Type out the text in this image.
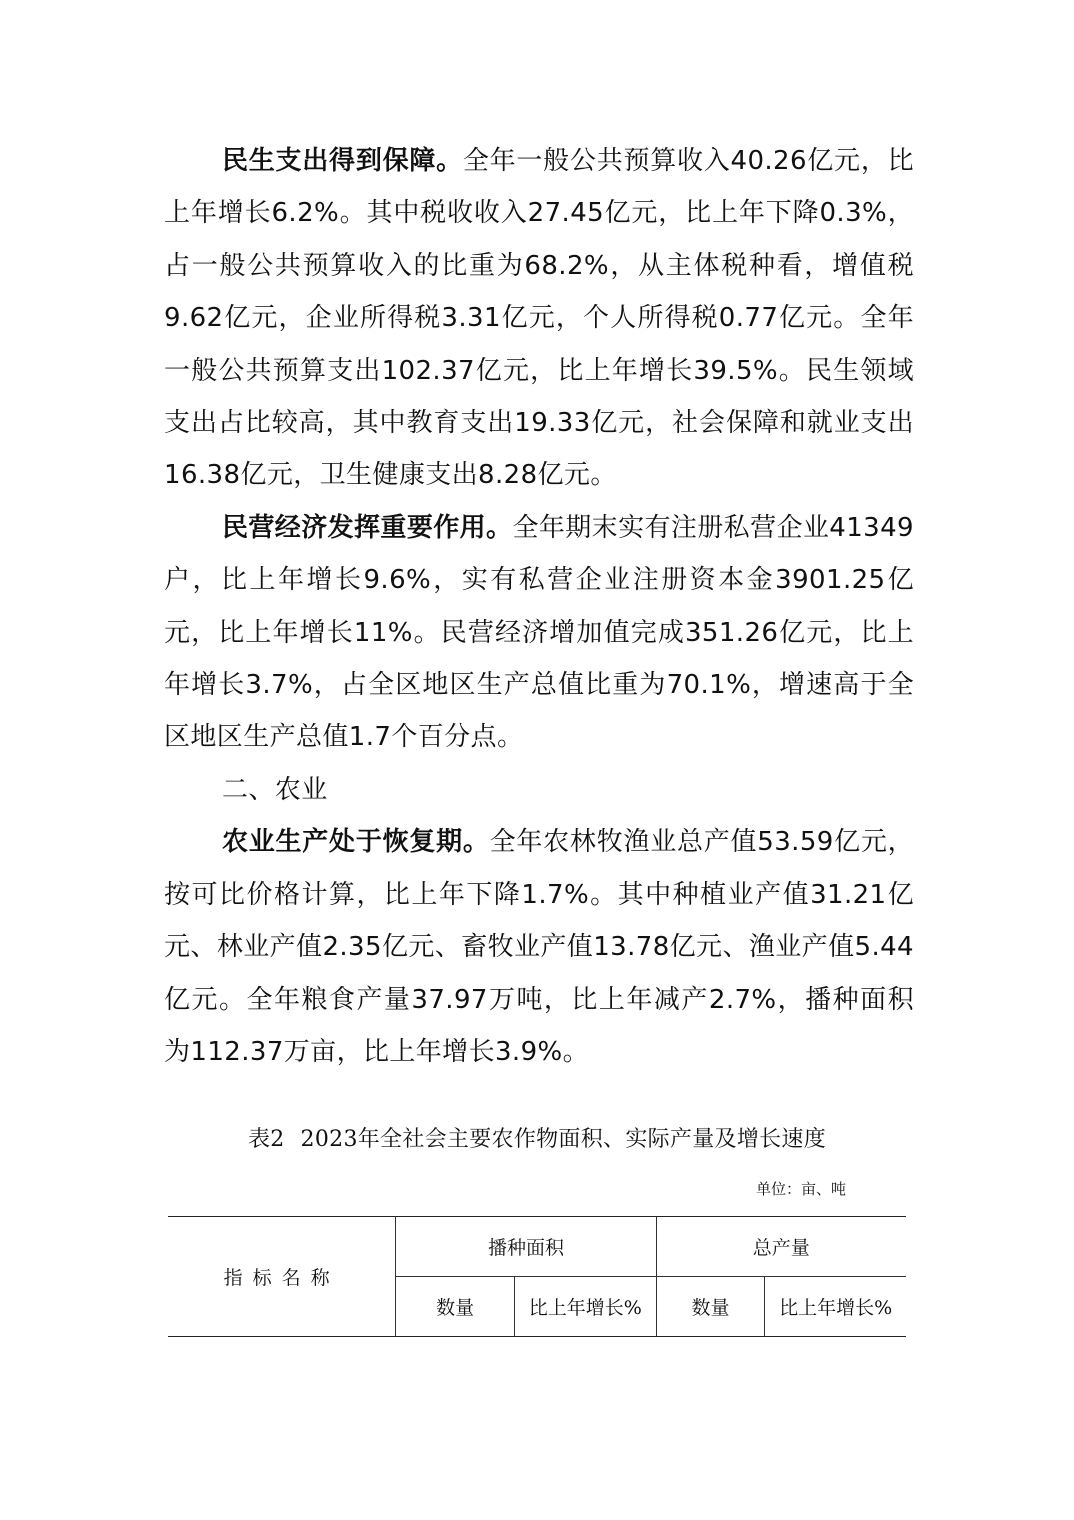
民生支出得到保障。全年一般公共预算收入40.26亿元，比上年增长6.2%。其中税收收入27.45亿元，比上年下降0.3%，占一般公共预算收入的比重为68.2%，从主体税种看，增值税9.62亿元，企业所得税3.31亿元，个人所得税0.77亿元。全年一般公共预算支出102.37亿元，比上年增长39.5%。民生领域支出占比较高，其中教育支出19.33亿元，社会保障和就业支出16.38亿元，卫生健康支出8.28亿元。

民营经济发挥重要作用。全年期末实有注册私营企业41349户，比上年增长9.6%，实有私营企业注册资本金3901.25亿元，比上年增长11%。民营经济增加值完成351.26亿元，比上年增长3.7%，占全区地区生产总值比重为70.1%，增速高于全区地区生产总值1.7个百分点。

二、农业

农业生产处于恢复期。全年农林牧渔业总产值53.59亿元，按可比价格计算，比上年下降1.7%。其中种植业产值31.21亿元、林业产值2.35亿元、畜牧业产值13.78亿元、渔业产值5.44亿元。全年粮食产量37.97万吨，比上年减产2.7%，播种面积为112.37万亩，比上年增长3.9%。

表2 2023年全社会主要农作物面积、实际产量及增长速度
单位：亩、吨
指标名称	播种面积		总产量	
	数量	比上年增长%	数量	比上年增长%
